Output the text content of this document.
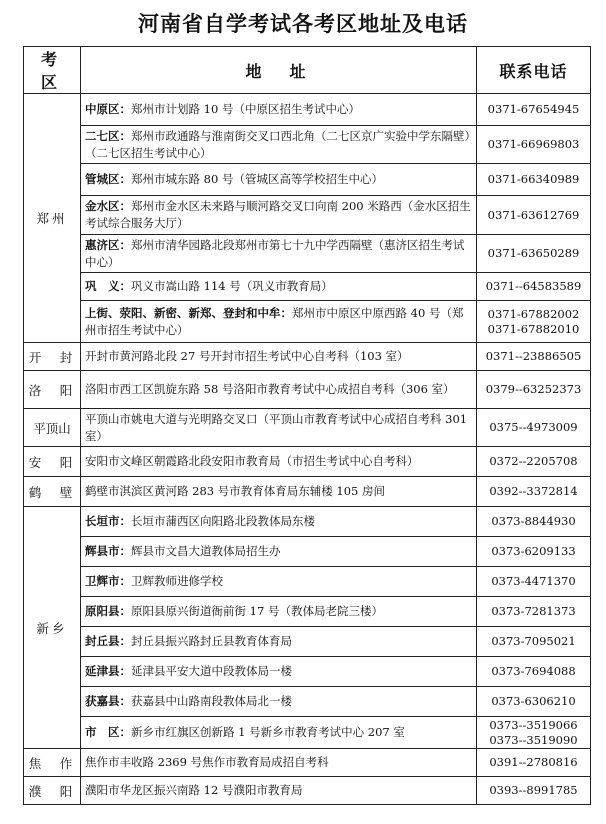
河南省自学考试各考区地址及电话
考 区	地　址	联系电话
郑州	中原区：郑州市计划路 10 号（中原区招生考试中心）	0371-67654945
	二七区：郑州市政通路与淮南街交叉口西北角（二七区京广实验中学东隔壁）（二七区招生考试中心）	0371-66969803
	管城区：郑州市城东路 80 号（管城区高等学校招生中心）	0371-66340989
	金水区：郑州市金水区未来路与顺河路交叉口向南 200 米路西（金水区招生考试综合服务大厅）	0371-63612769
	惠济区：郑州市清华园路北段郑州市第七十九中学西隔壁（惠济区招生考试中心）	0371-63650289
	巩　义：巩义市嵩山路 114 号（巩义市教育局）	0371--64583589
	上街、荥阳、新密、新郑、登封和中牟：郑州市中原区中原西路 40 号（郑州市招生考试中心）	0371-67882002
0371-67882010

开　封	开封市黄河路北段 27 号开封市招生考试中心自考科（103 室）	0371--23886505
洛　阳	洛阳市西工区凯旋东路 58 号洛阳市教育考试中心成招自考科（306 室）	0379--63252373
平顶山	平顶山市姚电大道与光明路交叉口（平顶山市教育考试中心成招自考科 301 室）	0375--4973009
安　阳	安阳市文峰区朝霞路北段安阳市教育局（市招生考试中心自考科）	0372--2205708
鹤　壁	鹤壁市淇滨区黄河路 283 号市教育体育局东辅楼 105 房间	0392--3372814
新乡	长垣市：长垣市蒲西区向阳路北段教体局东楼	0373-8844930
	辉县市：辉县市文昌大道教体局招生办	0373-6209133
	卫辉市：卫辉教师进修学校	0373-4471370
	原阳县：原阳县原兴街道衙前街 17 号（教体局老院三楼）	0373-7281373
	封丘县：封丘县振兴路封丘县教育体育局	0373-7095021
	延津县：延津县平安大道中段教体局一楼	0373-7694088
	获嘉县：获嘉县中山路南段教体局北一楼	0373-6306210
	市　区：新乡市红旗区创新路 1 号新乡市教育考试中心 207 室	0373--3519066
0373--3519090

焦　作	焦作市丰收路 2369 号焦作市教育局成招自考科	0391--2780816
濮　阳	濮阳市华龙区振兴南路 12 号濮阳市教育局	0393--8991785
